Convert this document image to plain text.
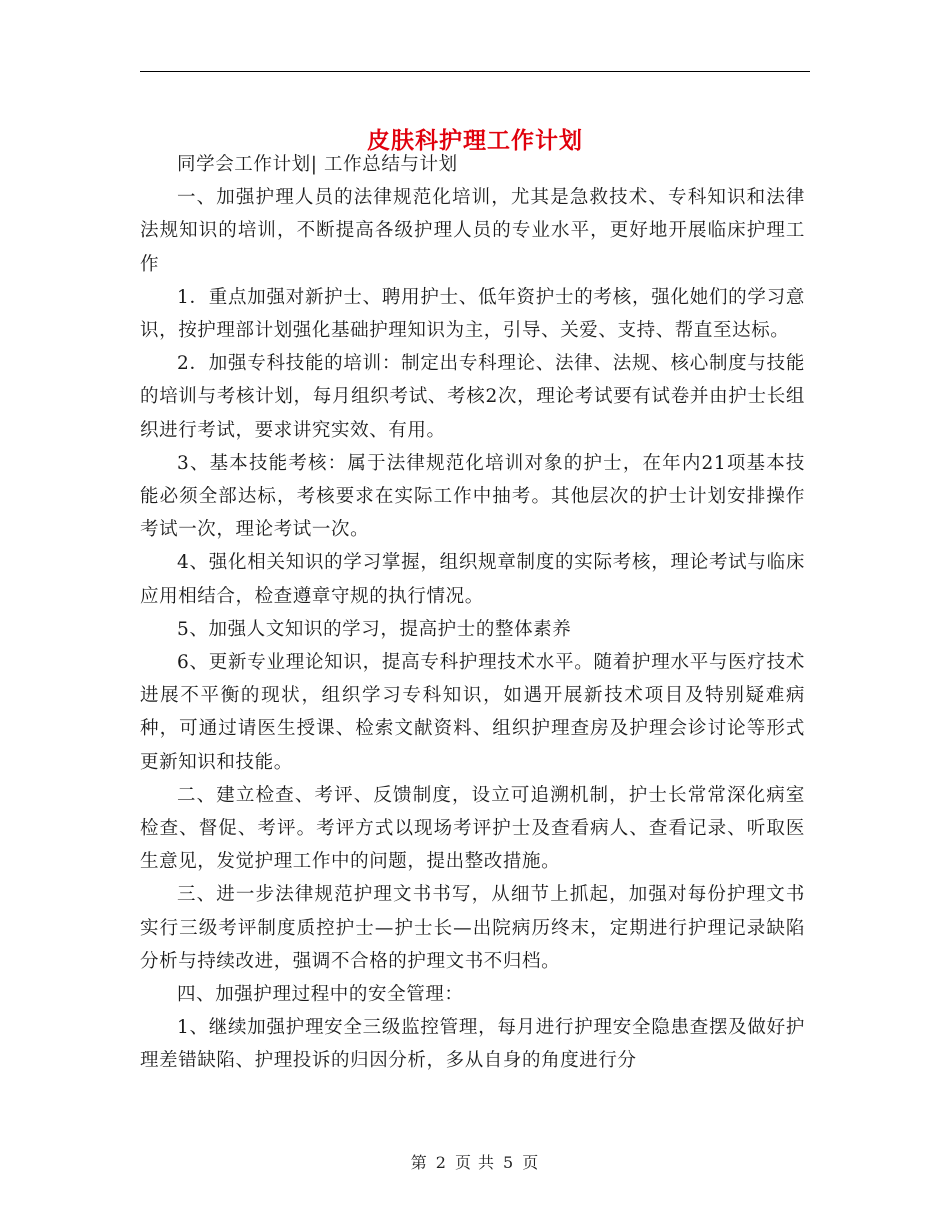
皮肤科护理工作计划

同学会工作计划| 工作总结与计划

一、加强护理人员的法律规范化培训，尤其是急救技术、专科知识和法律法规知识的培训，不断提高各级护理人员的专业水平，更好地开展临床护理工作

1．重点加强对新护士、聘用护士、低年资护士的考核，强化她们的学习意识，按护理部计划强化基础护理知识为主，引导、关爱、支持、帮直至达标。

2．加强专科技能的培训：制定出专科理论、法律、法规、核心制度与技能的培训与考核计划，每月组织考试、考核2次，理论考试要有试卷并由护士长组织进行考试，要求讲究实效、有用。

3、基本技能考核：属于法律规范化培训对象的护士，在年内21项基本技能必须全部达标，考核要求在实际工作中抽考。其他层次的护士计划安排操作考试一次，理论考试一次。

4、强化相关知识的学习掌握，组织规章制度的实际考核，理论考试与临床应用相结合，检查遵章守规的执行情况。

5、加强人文知识的学习，提高护士的整体素养

6、更新专业理论知识，提高专科护理技术水平。随着护理水平与医疗技术进展不平衡的现状，组织学习专科知识，如遇开展新技术项目及特别疑难病种，可通过请医生授课、检索文献资料、组织护理查房及护理会诊讨论等形式更新知识和技能。

二、建立检查、考评、反馈制度，设立可追溯机制，护士长常常深化病室检查、督促、考评。考评方式以现场考评护士及查看病人、查看记录、听取医生意见，发觉护理工作中的问题，提出整改措施。

三、进一步法律规范护理文书书写，从细节上抓起，加强对每份护理文书实行三级考评制度质控护士—护士长—出院病历终末，定期进行护理记录缺陷分析与持续改进，强调不合格的护理文书不归档。

四、加强护理过程中的安全管理：

1、继续加强护理安全三级监控管理，每月进行护理安全隐患查摆及做好护理差错缺陷、护理投诉的归因分析，多从自身的角度进行分

第 2 页 共 5 页
